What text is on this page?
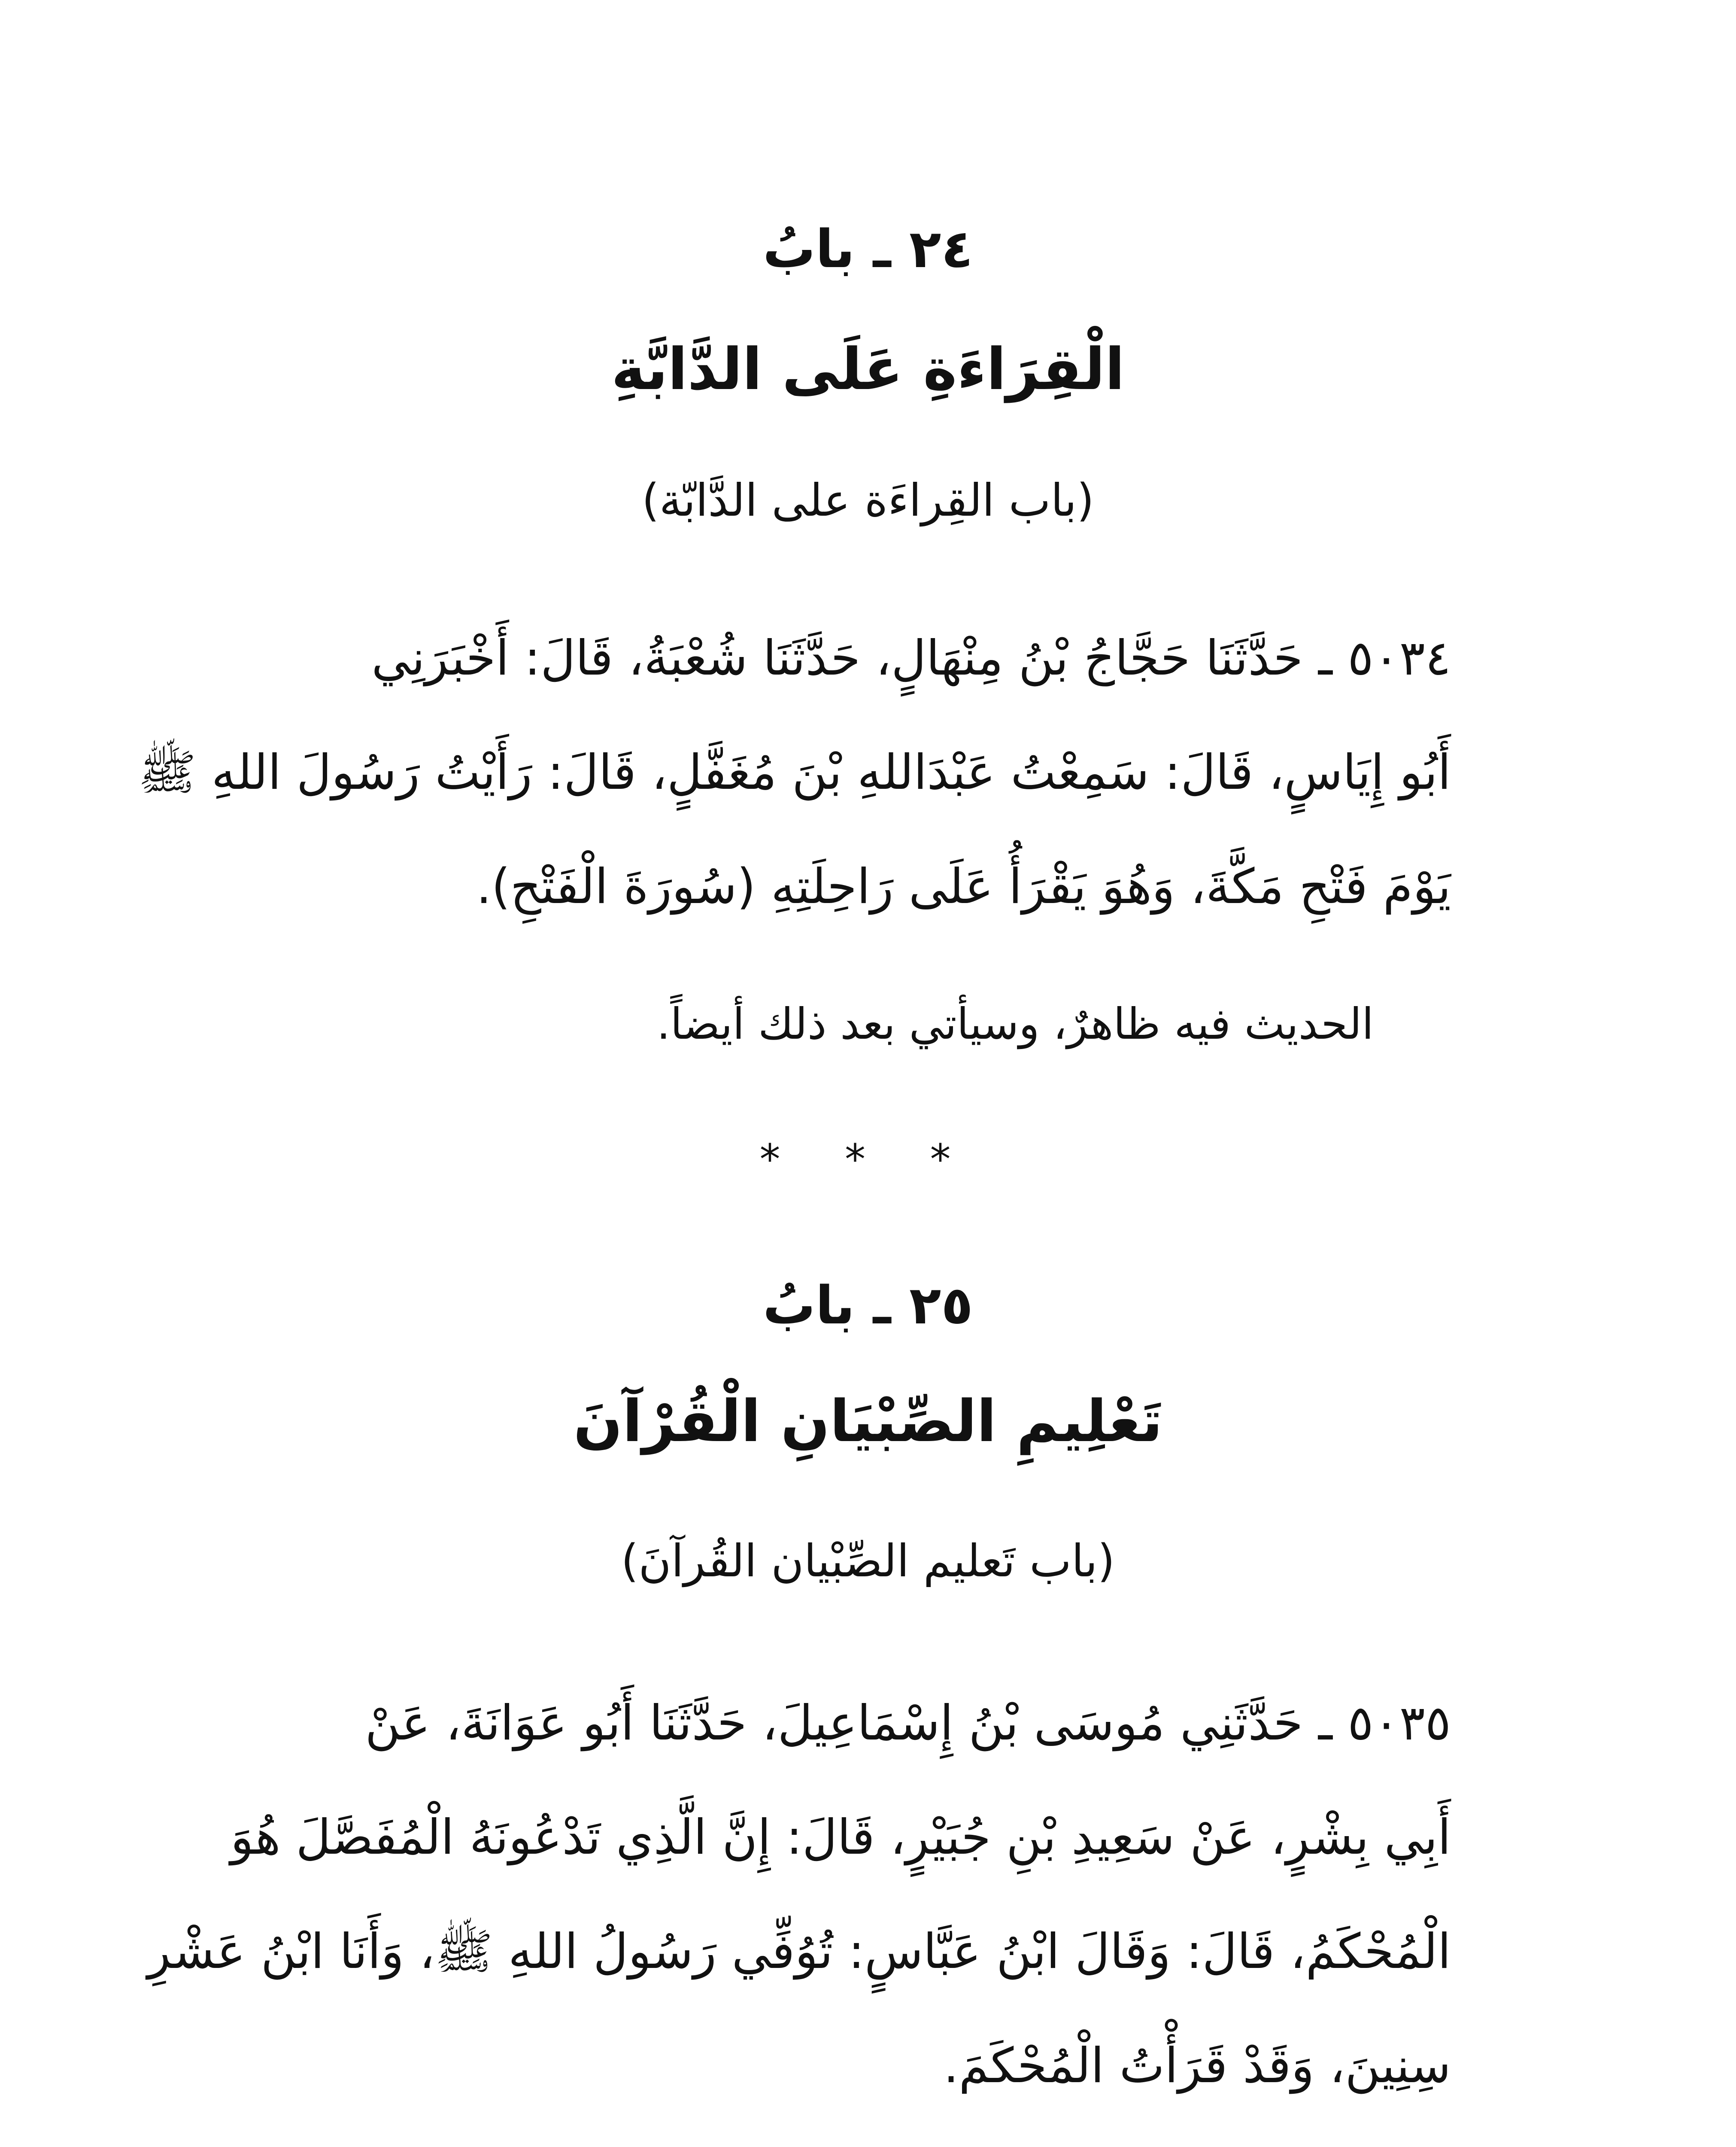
٢٤ ـ بابُ
الْقِرَاءَةِ عَلَى الدَّابَّةِ
(باب القِراءَة على الدَّابّة)
٥٠٣٤ ـ حَدَّثَنَا حَجَّاجُ بْنُ مِنْهَالٍ، حَدَّثَنَا شُعْبَةُ، قَالَ: أَخْبَرَنِي
أَبُو إِيَاسٍ، قَالَ: سَمِعْتُ عَبْدَاللهِ بْنَ مُغَفَّلٍ، قَالَ: رَأَيْتُ رَسُولَ اللهِ ﷺ
يَوْمَ فَتْحِ مَكَّةَ، وَهُوَ يَقْرَأُ عَلَى رَاحِلَتِهِ (سُورَةَ الْفَتْحِ).
الحديث فيه ظاهرٌ، وسيأتي بعد ذلك أيضاً.
* * *
٢٥ ـ بابُ
تَعْلِيمِ الصِّبْيَانِ الْقُرْآنَ
(باب تَعليم الصِّبْيان القُرآنَ)
٥٠٣٥ ـ حَدَّثَنِي مُوسَى بْنُ إِسْمَاعِيلَ، حَدَّثَنَا أَبُو عَوَانَةَ، عَنْ
أَبِي بِشْرٍ، عَنْ سَعِيدِ بْنِ جُبَيْرٍ، قَالَ: إِنَّ الَّذِي تَدْعُونَهُ الْمُفَصَّلَ هُوَ
الْمُحْكَمُ، قَالَ: وَقَالَ ابْنُ عَبَّاسٍ: تُوُفِّي رَسُولُ اللهِ ﷺ، وَأَنَا ابْنُ عَشْرِ
سِنِينَ، وَقَدْ قَرَأْتُ الْمُحْكَمَ.
